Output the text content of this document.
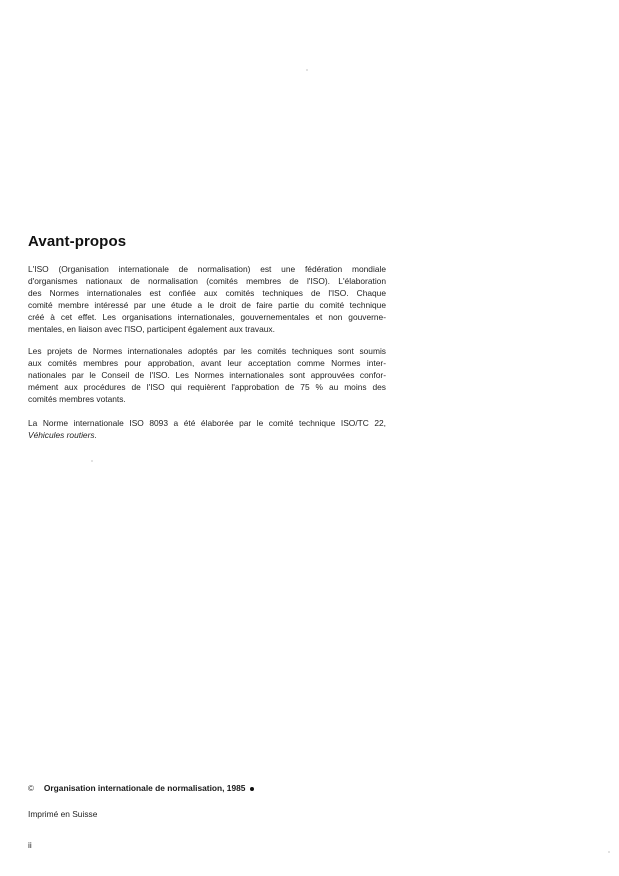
Avant-propos
L'ISO (Organisation internationale de normalisation) est une fédération mondiale
d'organismes nationaux de normalisation (comités membres de l'ISO). L'élaboration
des Normes internationales est confiée aux comités techniques de l'ISO. Chaque
comité membre intéressé par une étude a le droit de faire partie du comité technique
créé à cet effet. Les organisations internationales, gouvernementales et non gouverne-
mentales, en liaison avec l'ISO, participent également aux travaux.
Les projets de Normes internationales adoptés par les comités techniques sont soumis
aux comités membres pour approbation, avant leur acceptation comme Normes inter-
nationales par le Conseil de l'ISO. Les Normes internationales sont approuvées confor-
mément aux procédures de l'ISO qui requièrent l'approbation de 75 % au moins des
comités membres votants.
La Norme internationale ISO 8093 a été élaborée par le comité technique ISO/TC 22,
Véhicules routiers.
© Organisation internationale de normalisation, 1985
Imprimé en Suisse
ii
